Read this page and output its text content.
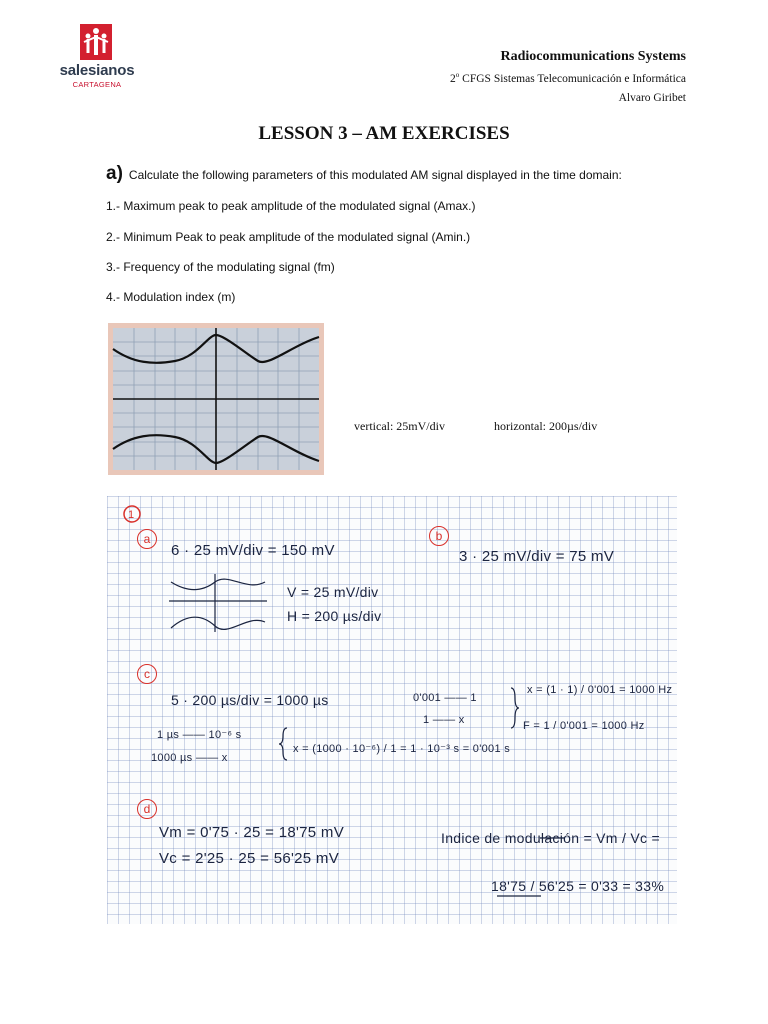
salesianos
CARTAGENA
Radiocommunications Systems
2$^o$ CFGS Sistemas Telecomunicación e Informática
Alvaro Giribet
LESSON 3 – AM EXERCISES
a) Calculate the following parameters of this modulated AM signal displayed in the time domain:
1.- Maximum peak to peak amplitude of the modulated signal (Amax.)
2.- Minimum Peak to peak amplitude of the modulated signal (Amin.)
3.- Frequency of the modulating signal (fm)
4.- Modulation index (m)
vertical: 25mV/div	horizontal: 200µs/div
1
a	b
c
d
6 · 25 mV/div = 150 mV	3 · 25 mV/div = 75 mV
V = 25 mV/div
H = 200 µs/div
5 · 200 µs/div = 1000 µs
1 µs —— 10⁻⁶ s
1000 µs —— x
x = (1000 · 10⁻⁶) / 1 = 1 · 10⁻³ s = 0'001 s
0'001 —— 1
1 —— x
x = (1 · 1) / 0'001 = 1000 Hz
F = 1 / 0'001 = 1000 Hz
Vm = 0'75 · 25 = 18'75 mV
Vc = 2'25 · 25 = 56'25 mV
Indice de modulación = Vm / Vc =
18'75 / 56'25 = 0'33 = 33%
